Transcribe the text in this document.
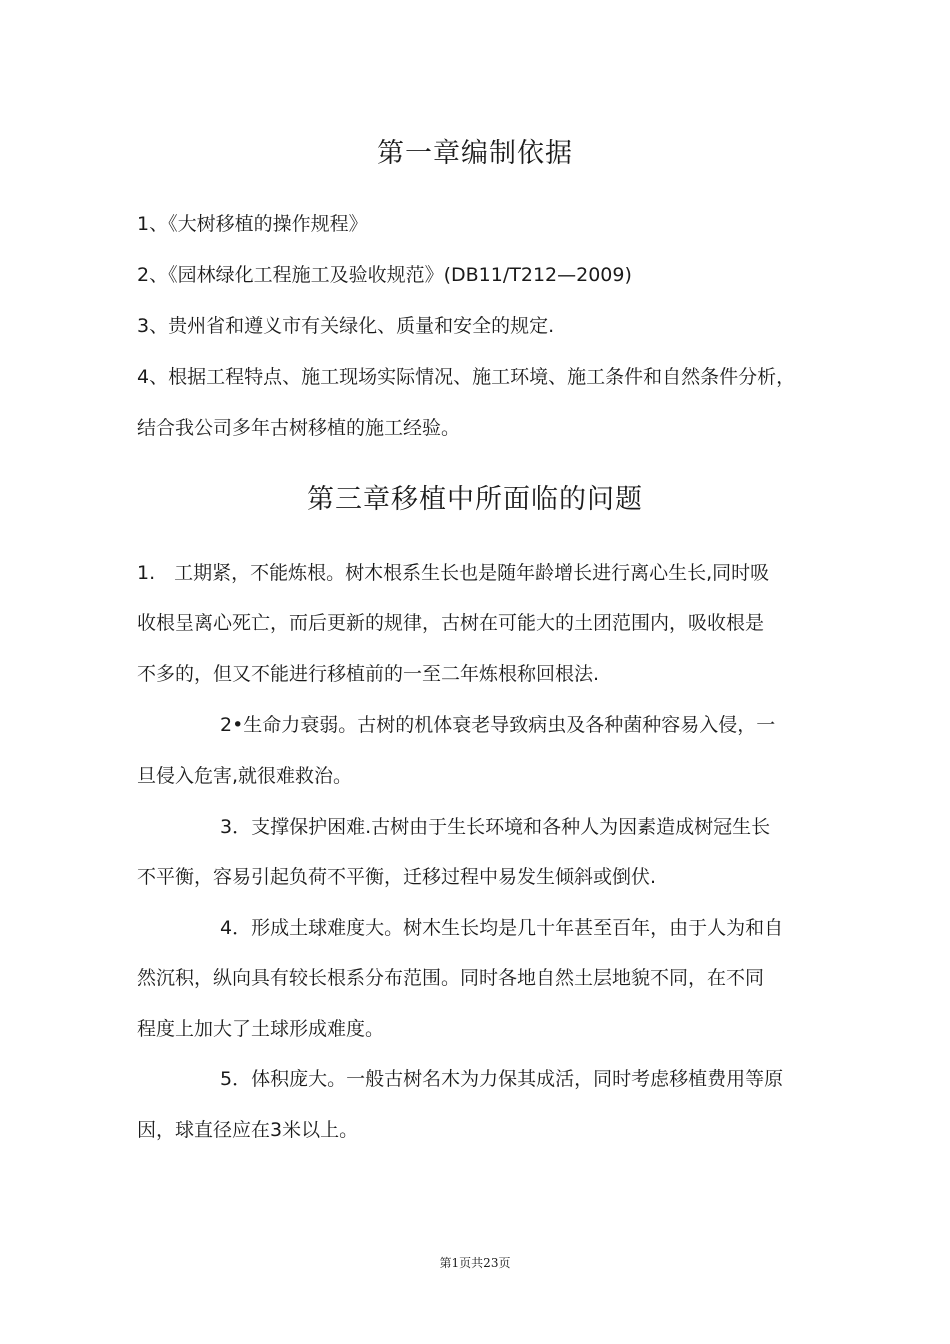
第一章编制依据
1、《大树移植的操作规程》
2、《园林绿化工程施工及验收规范》(DB11/T212—2009)
3、贵州省和遵义市有关绿化、质量和安全的规定.
4、根据工程特点、施工现场实际情况、施工环境、施工条件和自然条件分析，
结合我公司多年古树移植的施工经验。
第三章移植中所面临的问题
1.　工期紧，不能炼根。树木根系生长也是随年龄增长进行离心生长,同时吸
收根呈离心死亡，而后更新的规律，古树在可能大的土团范围内，吸收根是
不多的，但又不能进行移植前的一至二年炼根称回根法.
2•生命力衰弱。古树的机体衰老导致病虫及各种菌种容易入侵，一
旦侵入危害,就很难救治。
3．支撑保护困难.古树由于生长环境和各种人为因素造成树冠生长
不平衡，容易引起负荷不平衡，迁移过程中易发生倾斜或倒伏.
4．形成土球难度大。树木生长均是几十年甚至百年，由于人为和自
然沉积，纵向具有较长根系分布范围。同时各地自然土层地貌不同，在不同
程度上加大了土球形成难度。
5．体积庞大。一般古树名木为力保其成活，同时考虑移植费用等原
因，球直径应在3米以上。
第1页共23页
